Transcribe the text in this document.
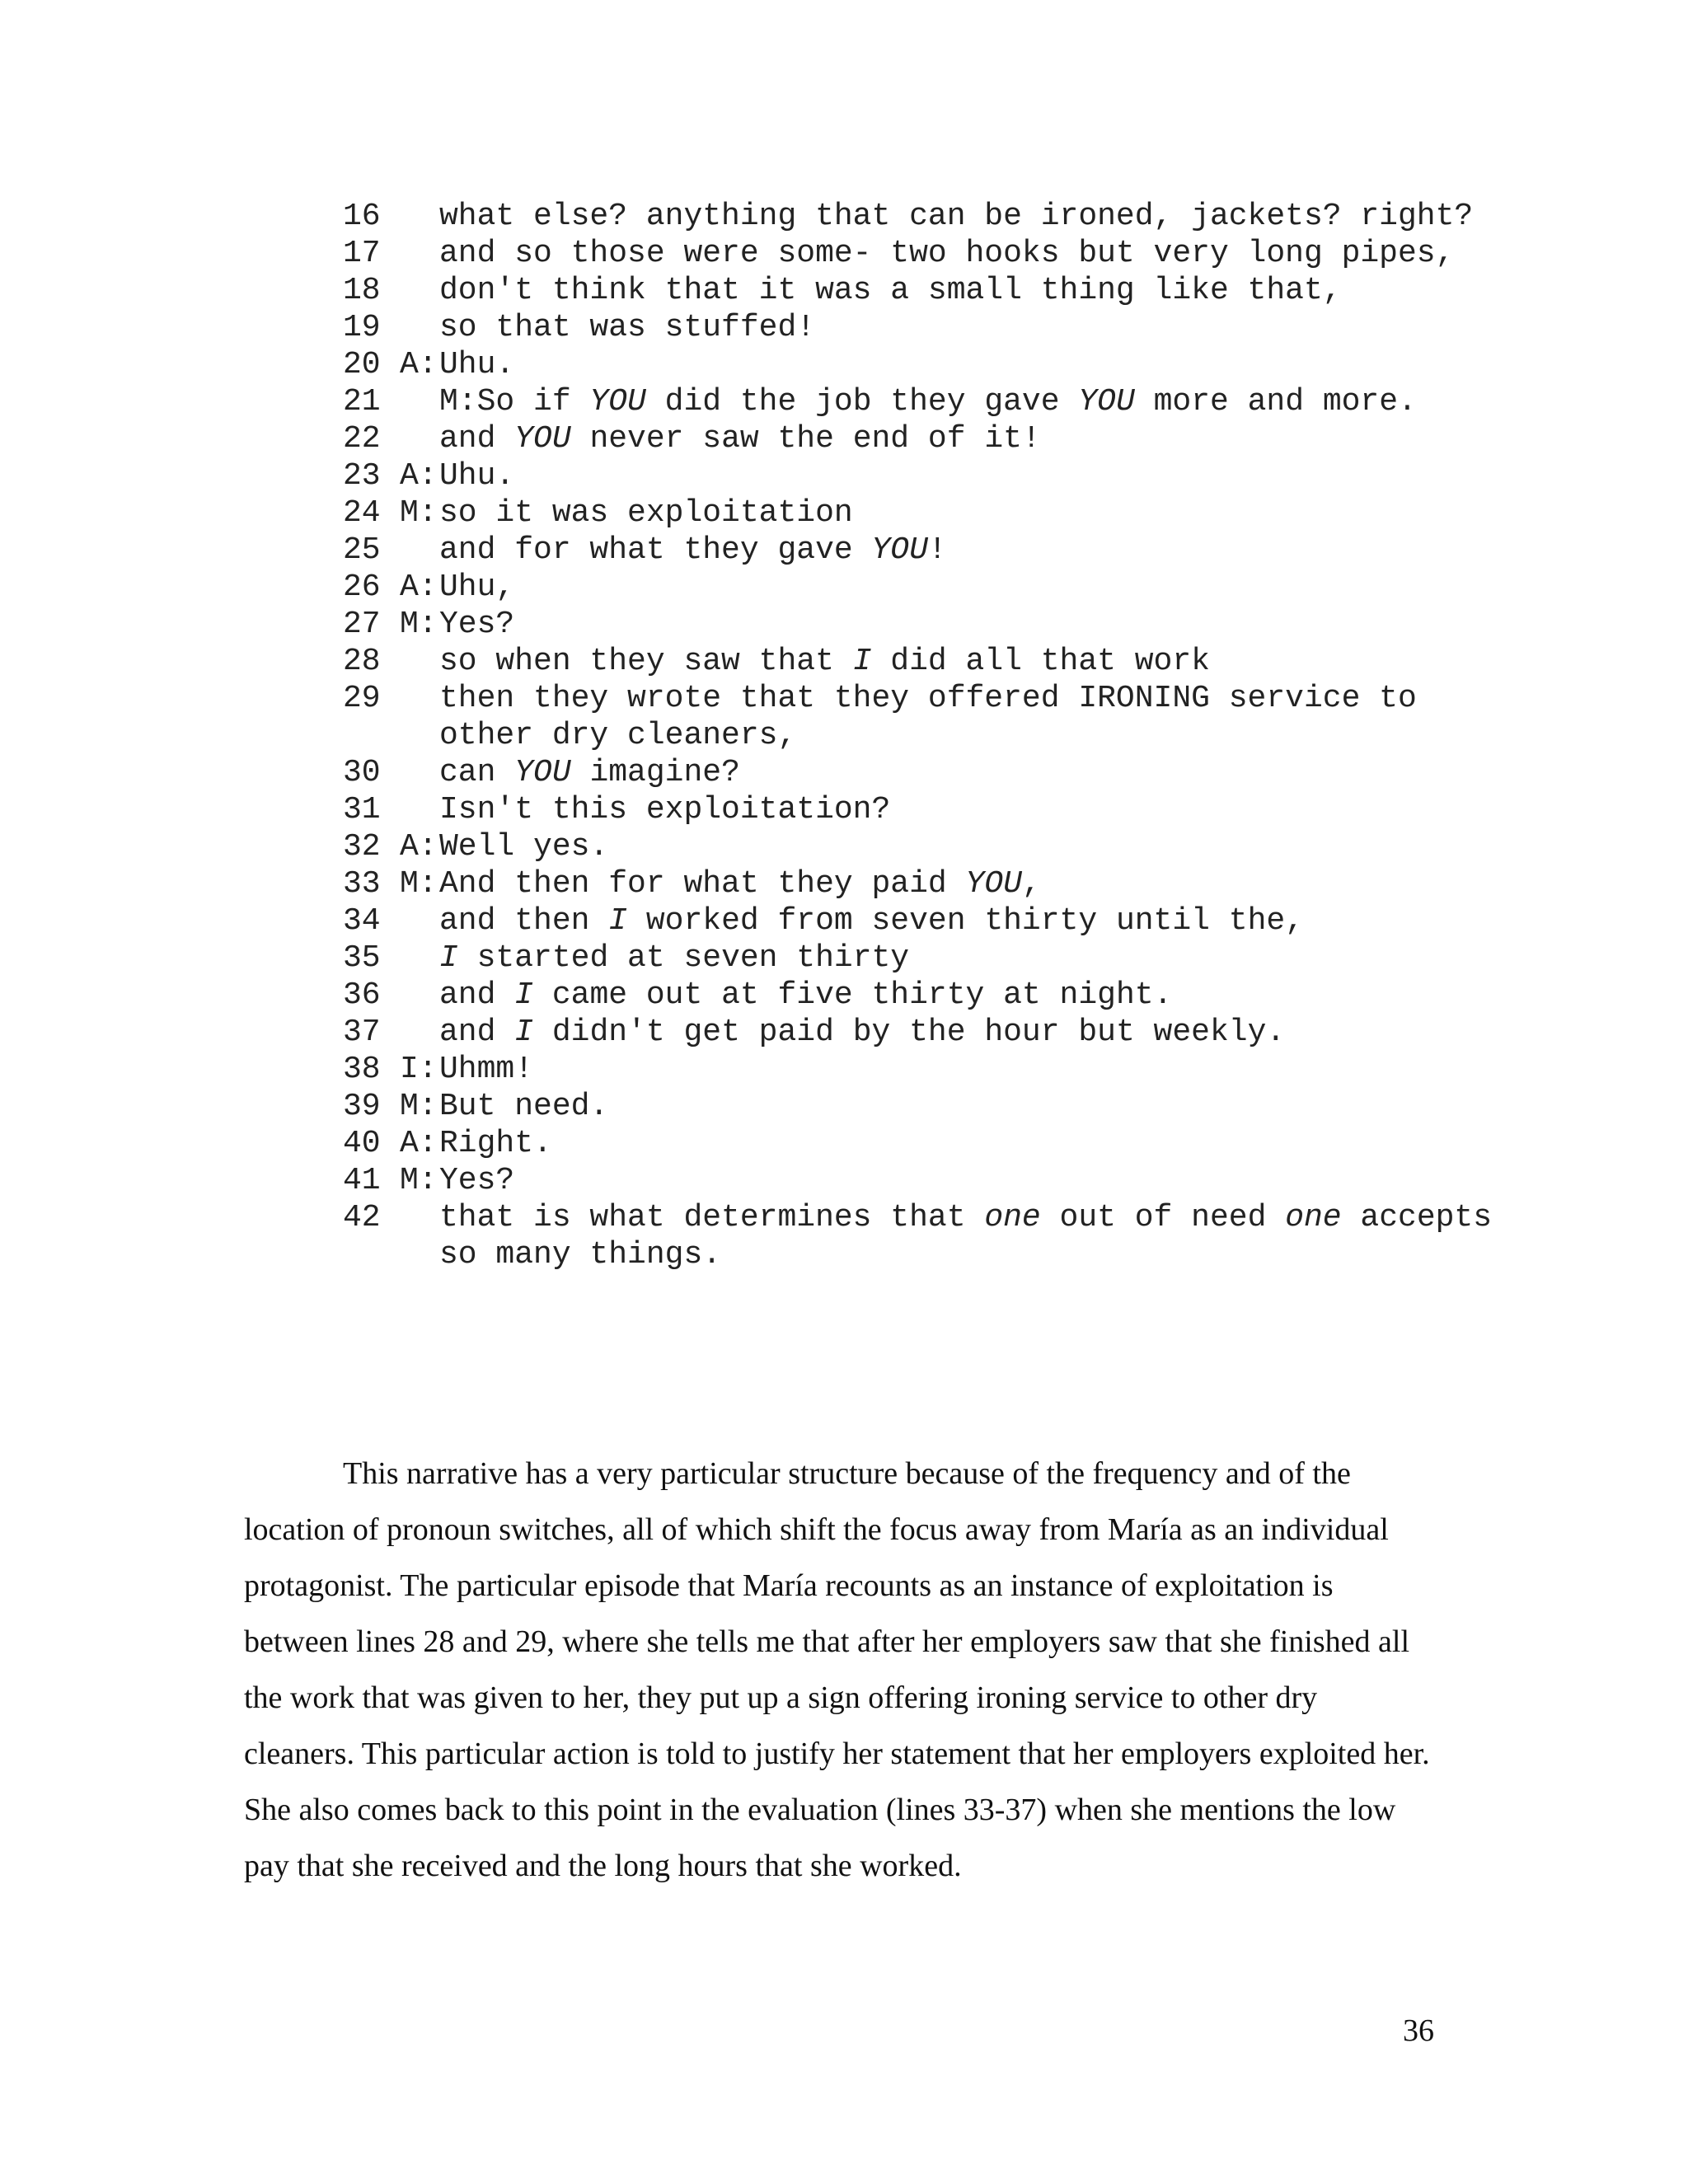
16	what else? anything that can be ironed, jackets? right?
17	and so those were some- two hooks but very long pipes,
18	don't think that it was a small thing like that,
19	so that was stuffed!
20 A: Uhu.
21	M:So if YOU did the job they gave YOU more and more.
22	and YOU never saw the end of it!
23 A: Uhu.
24 M: so it was exploitation
25	and for what they gave YOU!
26 A: Uhu,
27 M: Yes?
28	so when they saw that I did all that work
29	then they wrote that they offered IRONING service to other dry cleaners,
30	can YOU imagine?
31	Isn't this exploitation?
32 A: Well yes.
33 M: And then for what they paid YOU,
34	and then I worked from seven thirty until the,
35	I started at seven thirty
36	and I came out at five thirty at night.
37	and I didn't get paid by the hour but weekly.
38 I: Uhmm!
39 M: But need.
40 A: Right.
41 M: Yes?
42	that is what determines that one out of need one accepts so many things.

This narrative has a very particular structure because of the frequency and of the location of pronoun switches, all of which shift the focus away from María as an individual protagonist. The particular episode that María recounts as an instance of exploitation is between lines 28 and 29, where she tells me that after her employers saw that she finished all the work that was given to her, they put up a sign offering ironing service to other dry cleaners. This particular action is told to justify her statement that her employers exploited her. She also comes back to this point in the evaluation (lines 33-37) when she mentions the low pay that she received and the long hours that she worked.

36
